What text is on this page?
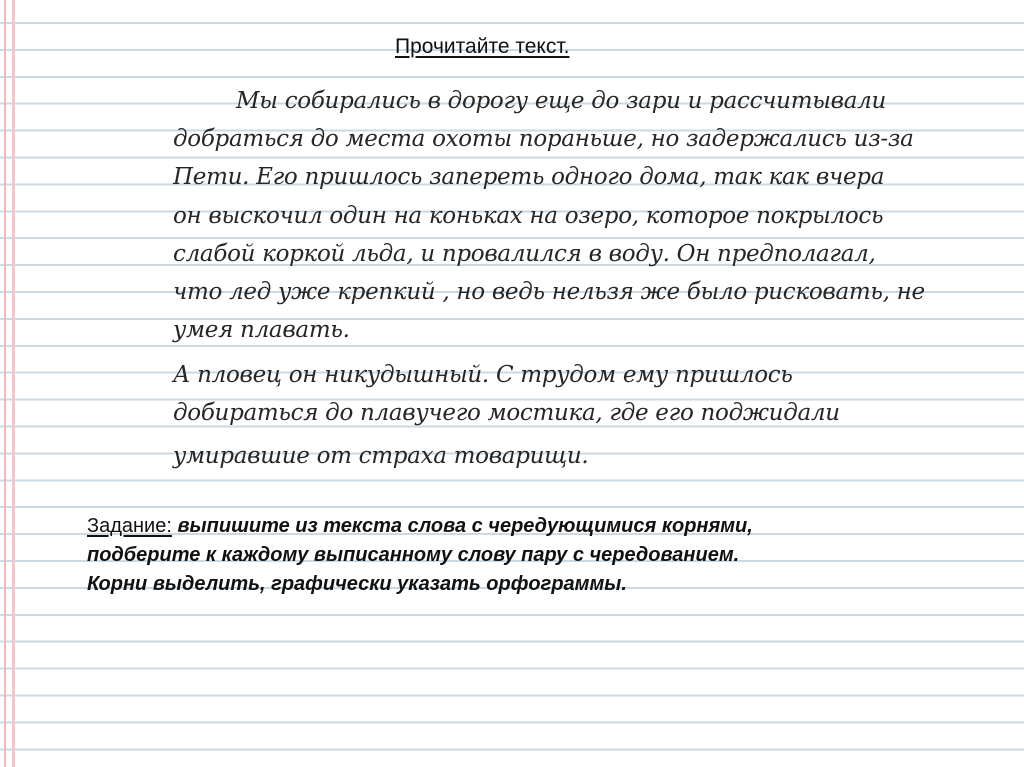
Прочитайте текст.
Мы собирались в дорогу еще до зари и рассчитывали
добраться до места охоты пораньше, но задержались из-за
Пети. Его пришлось запереть одного дома, так как вчера
он выскочил один на коньках на озеро, которое покрылось
слабой коркой льда, и провалился в воду. Он предполагал,
что лед уже крепкий , но ведь нельзя же было рисковать, не
умея плавать.
А пловец он никудышный. С трудом ему пришлось
добираться до плавучего мостика, где его поджидали
умиравшие от страха товарищи.
Задание: выпишите из текста слова с чередующимися корнями,
подберите к каждому выписанному слову пару с чередованием.
Корни выделить, графически указать орфограммы.
